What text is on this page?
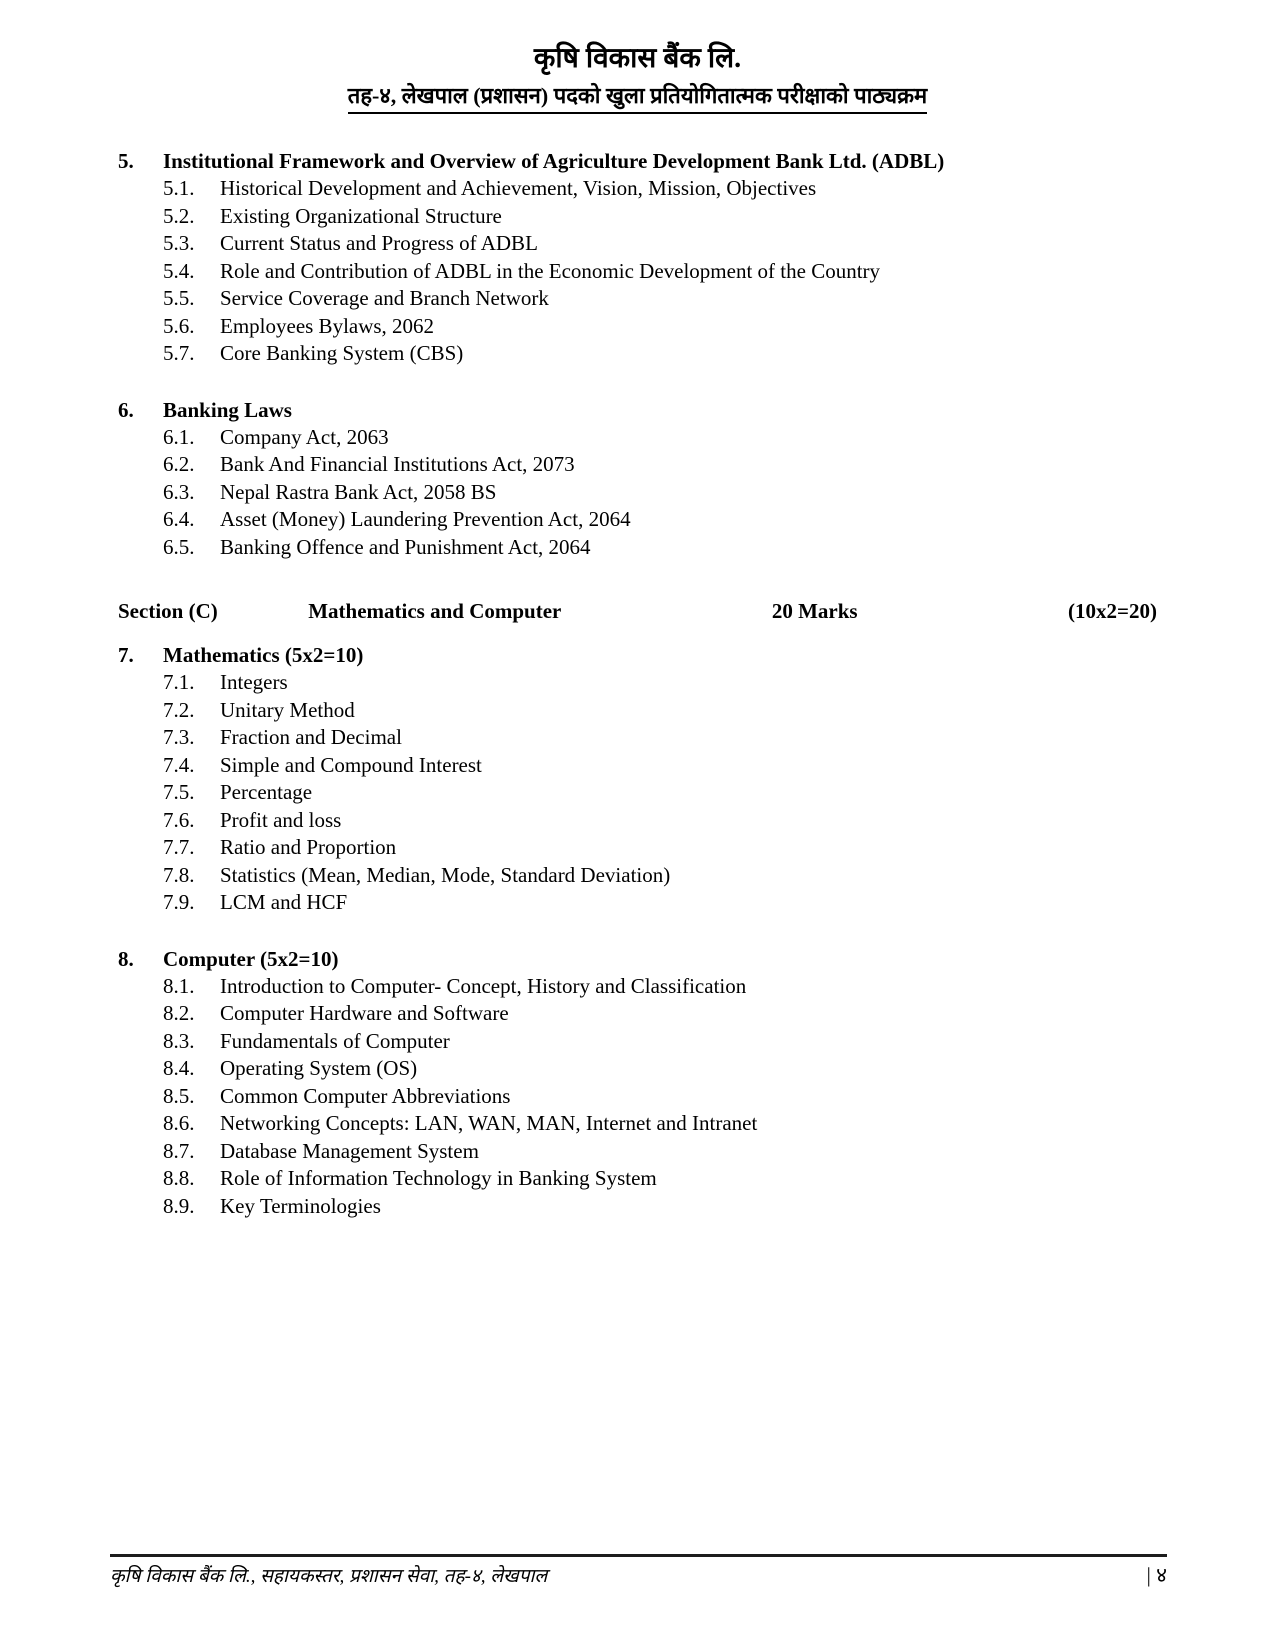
कृषि विकास बैंक लि.
तह-४, लेखपाल (प्रशासन) पदको खुला प्रतियोगितात्मक परीक्षाको पाठ्यक्रम
5.	Institutional Framework and Overview of Agriculture Development Bank Ltd. (ADBL)
5.1.	Historical Development and Achievement, Vision, Mission, Objectives
5.2.	Existing Organizational Structure
5.3.	Current Status and Progress of ADBL
5.4.	Role and Contribution of ADBL in the Economic Development of the Country
5.5.	Service Coverage and Branch Network
5.6.	Employees Bylaws, 2062
5.7.	Core Banking System (CBS)
6.	Banking Laws
6.1.	Company Act, 2063
6.2.	Bank And Financial Institutions Act, 2073
6.3.	Nepal Rastra Bank Act, 2058 BS
6.4.	Asset (Money) Laundering Prevention Act, 2064
6.5.	Banking Offence and Punishment Act, 2064
Section (C)	Mathematics and Computer	20 Marks	(10x2=20)
7.	Mathematics (5x2=10)
7.1.	Integers
7.2.	Unitary Method
7.3.	Fraction and Decimal
7.4.	Simple and Compound Interest
7.5.	Percentage
7.6.	Profit and loss
7.7.	Ratio and Proportion
7.8.	Statistics (Mean, Median, Mode, Standard Deviation)
7.9.	LCM and HCF
8.	Computer (5x2=10)
8.1.	Introduction to Computer- Concept, History and Classification
8.2.	Computer Hardware and Software
8.3.	Fundamentals of Computer
8.4.	Operating System (OS)
8.5.	Common Computer Abbreviations
8.6.	Networking Concepts: LAN, WAN, MAN, Internet and Intranet
8.7.	Database Management System
8.8.	Role of Information Technology in Banking System
8.9.	Key Terminologies
कृषि विकास बैंक लि., सहायकस्तर, प्रशासन सेवा, तह-४, लेखपाल	| ४
